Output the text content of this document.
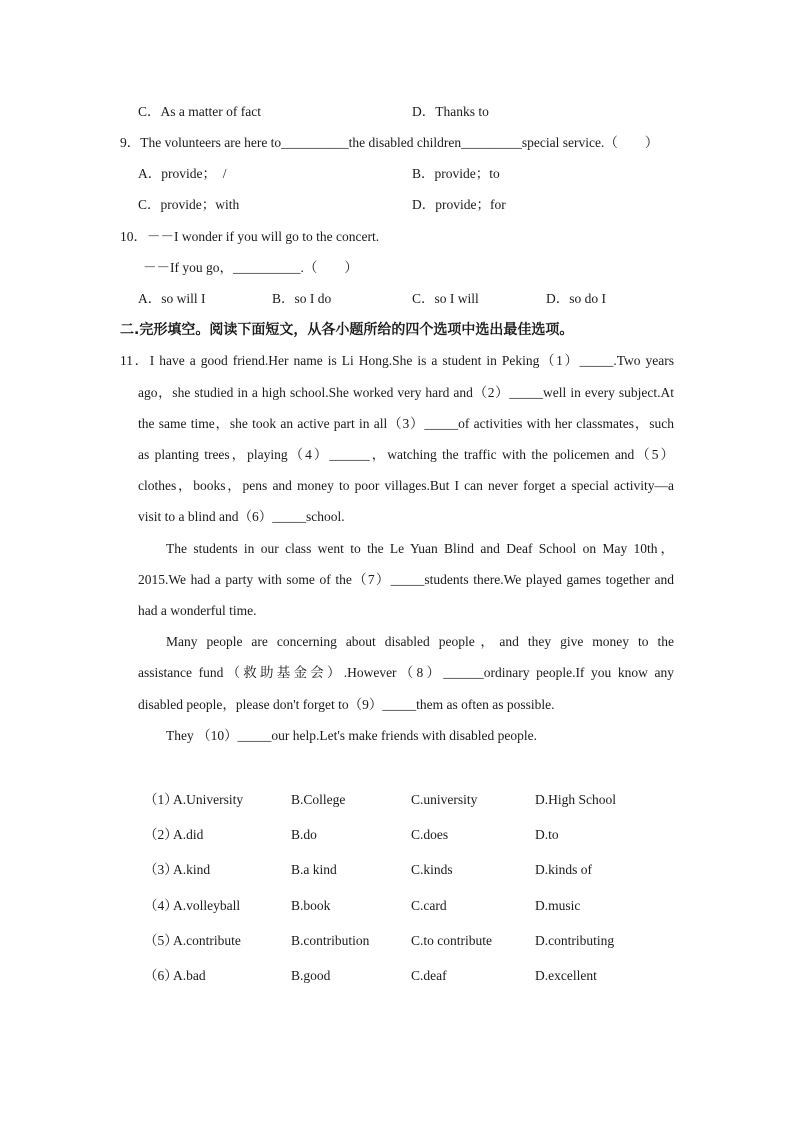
C．As a matter of fact	D．Thanks to
9．The volunteers are here to__________the disabled children_________special service.（　　）
A．provide；　/	B．provide；to
C．provide；with	D．provide；for
10．－－I wonder if you will go to the concert.
－－If you go，__________.（　　）
A．so will I	B．so I do	C．so I will	D．so do I
二.完形填空。阅读下面短文，从各小题所给的四个选项中选出最佳选项。
11．I have a good friend.Her name is Li Hong.She is a student in Peking（1）_____.Two years
ago，she studied in a high school.She worked very hard and（2）_____well in every subject.At
the same time，she took an active part in all（3）_____of activities with her classmates，such
as planting trees，playing（4）______，watching the traffic with the policemen and（5）
clothes，books，pens and money to poor villages.But I can never forget a special activity—a
visit to a blind and（6）_____school.
The students in our class went to the Le Yuan Blind and Deaf School on May 10th，
2015.We had a party with some of the（7）_____students there.We played games together and
had a wonderful time.
Many people are concerning about disabled people，and they give money to the
assistance fund（救助基金会）.However（8）______ordinary people.If you know any
disabled people，please don't forget to（9）_____them as often as possible.
They （10）_____our help.Let's make friends with disabled people.
（1）
A.University	B.College	C.university	D.High School
（2）
A.did	B.do	C.does	D.to
（3）
A.kind	B.a kind	C.kinds	D.kinds of
（4）
A.volleyball	B.book	C.card	D.music
（5）
A.contribute	B.contribution	C.to contribute	D.contributing
（6）
A.bad	B.good	C.deaf	D.excellent
